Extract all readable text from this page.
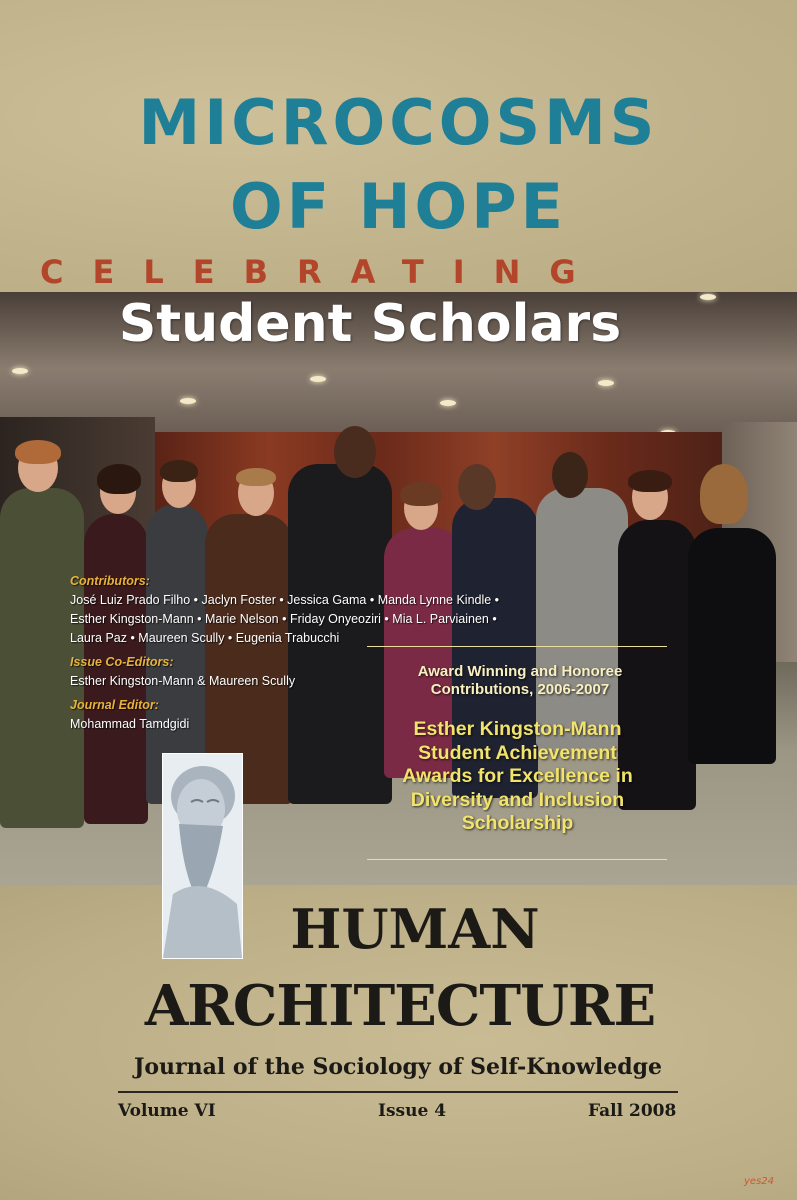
MICROCOSMS
OF HOPE
CELEBRATING
Student Scholars
Contributors:
José Luiz Prado Filho • Jaclyn Foster • Jessica Gama • Manda Lynne Kindle •
Esther Kingston-Mann • Marie Nelson • Friday Onyeoziri • Mia L. Parviainen •
Laura Paz • Maureen Scully • Eugenia Trabucchi
Issue Co-Editors:
Esther Kingston-Mann & Maureen Scully
Journal Editor:
Mohammad Tamdgidi
Award Winning and Honoree
Contributions, 2006-2007
Esther Kingston-Mann
Student Achievement
Awards for Excellence in
Diversity and Inclusion
Scholarship
HUMAN
ARCHITECTURE
Journal of the Sociology of Self-Knowledge
Volume VI	Issue 4	Fall 2008
yes24
